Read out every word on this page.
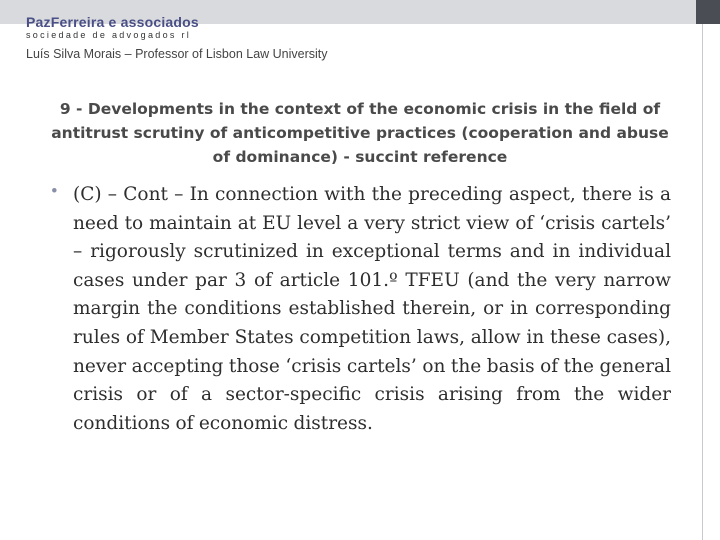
PazFerreira e associados
sociedade de advogados rl
Luís Silva Morais – Professor of Lisbon Law University
9 - Developments in the context of the economic crisis in the field of antitrust scrutiny of anticompetitive practices (cooperation and abuse of dominance) - succint reference
• (C) – Cont – In connection with the preceding aspect, there is a need to maintain at EU level a very strict view of ‘crisis cartels’ – rigorously scrutinized in exceptional terms and in individual cases under par 3 of article 101.º TFEU (and the very narrow margin the conditions established therein, or in corresponding rules of Member States competition laws, allow in these cases), never accepting those ‘crisis cartels’ on the basis of the general crisis or of a sector-specific crisis arising from the wider conditions of economic distress.
